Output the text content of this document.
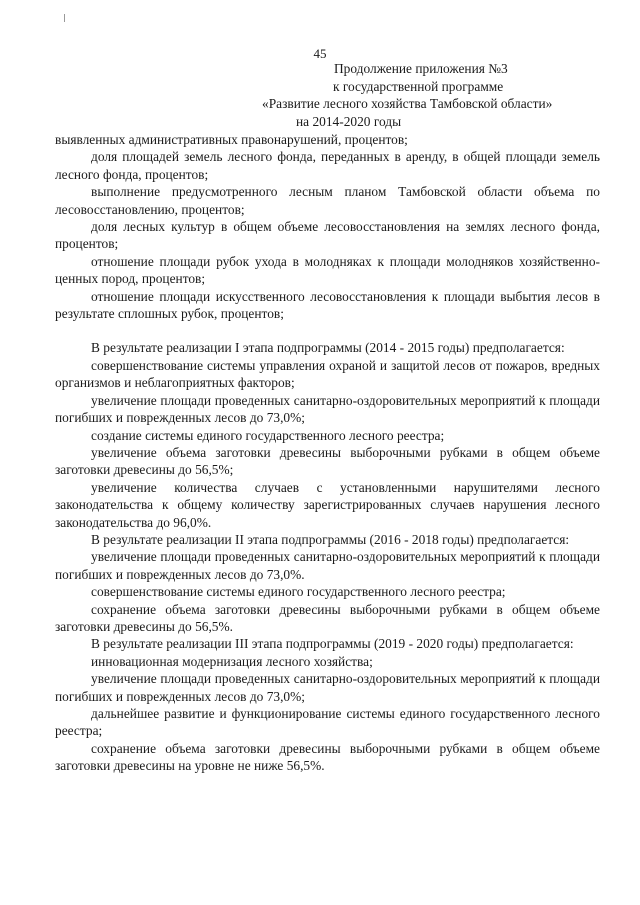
45
Продолжение приложения №3
к государственной программе
«Развитие лесного хозяйства Тамбовской области»
на 2014-2020 годы

выявленных административных правонарушений, процентов;

доля площадей земель лесного фонда, переданных в аренду, в общей площади земель лесного фонда, процентов;

выполнение предусмотренного лесным планом Тамбовской области объема по лесовосстановлению, процентов;

доля лесных культур в общем объеме лесовосстановления на землях лесного фонда, процентов;

отношение площади рубок ухода в молодняках к площади молодняков хозяйственно-ценных пород, процентов;

отношение площади искусственного лесовосстановления к площади выбытия лесов в результате сплошных рубок, процентов;

В результате реализации I этапа подпрограммы (2014 - 2015 годы) предполагается:

совершенствование системы управления охраной и защитой лесов от пожаров, вредных организмов и неблагоприятных факторов;

увеличение площади проведенных санитарно-оздоровительных мероприятий к площади погибших и поврежденных лесов до 73,0%;

создание системы единого государственного лесного реестра;

увеличение объема заготовки древесины выборочными рубками в общем объеме заготовки древесины до 56,5%;

увеличение количества случаев с установленными нарушителями лесного законодательства к общему количеству зарегистрированных случаев нарушения лесного законодательства до 96,0%.

В результате реализации II этапа подпрограммы (2016 - 2018 годы) предполагается:

увеличение площади проведенных санитарно-оздоровительных мероприятий к площади погибших и поврежденных лесов до 73,0%.

совершенствование системы единого государственного лесного реестра;

сохранение объема заготовки древесины выборочными рубками в общем объеме заготовки древесины до 56,5%.

В результате реализации III этапа подпрограммы (2019 - 2020 годы) предполагается:

инновационная модернизация лесного хозяйства;

увеличение площади проведенных санитарно-оздоровительных мероприятий к площади погибших и поврежденных лесов до 73,0%;

дальнейшее развитие и функционирование системы единого государственного лесного реестра;

сохранение объема заготовки древесины выборочными рубками в общем объеме заготовки древесины на уровне не ниже 56,5%.
